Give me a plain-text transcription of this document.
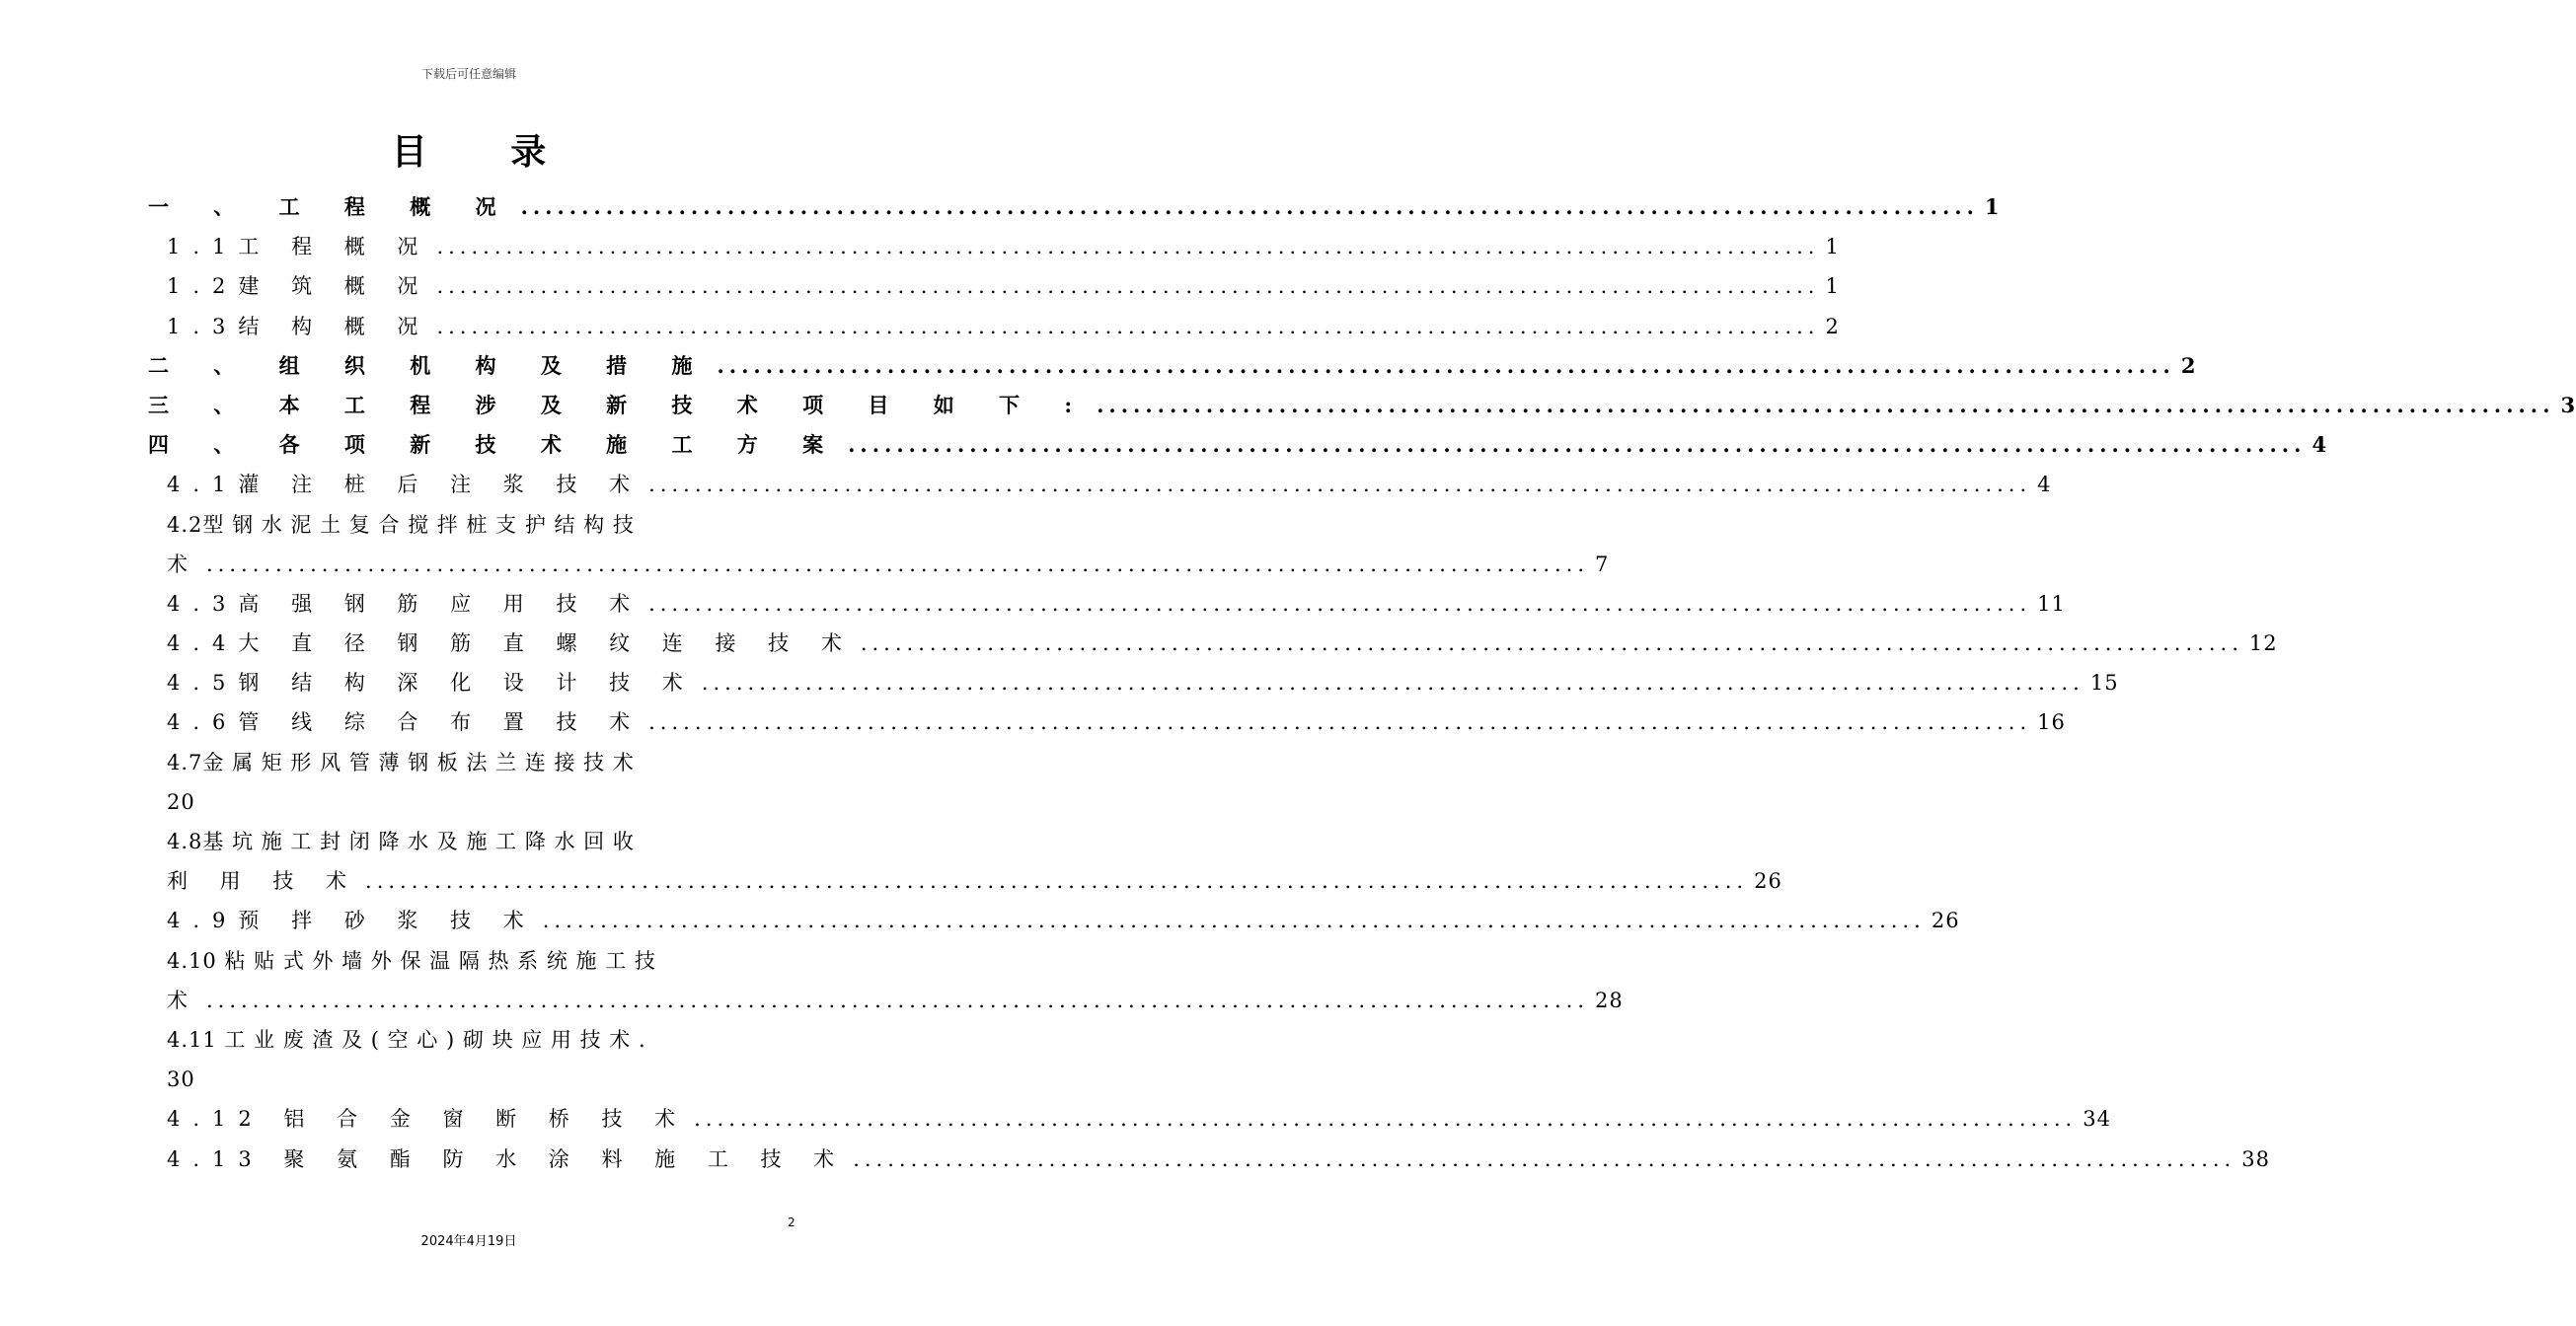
下载后可任意编辑
目 录
一 、 工 程 概 况 ........................................................................................................................ 1
1.1工 程 概 况 ........................................................................................................................ 1
1.2建 筑 概 况 ........................................................................................................................ 1
1.3结 构 概 况 ........................................................................................................................ 2
二 、 组 织 机 构 及 措 施 ........................................................................................................................ 2
三 、 本 工 程 涉 及 新 技 术 项 目 如 下 : ........................................................................................................................ 3
四 、 各 项 新 技 术 施 工 方 案 ........................................................................................................................ 4
4.1灌 注 桩 后 注 浆 技 术 ........................................................................................................................ 4
4.2型 钢 水 泥 土 复 合 搅 拌 桩 支 护 结 构 技
术 ........................................................................................................................ 7
4.3高 强 钢 筋 应 用 技 术 ........................................................................................................................ 11
4.4大 直 径 钢 筋 直 螺 纹 连 接 技 术 ........................................................................................................................ 12
4.5钢 结 构 深 化 设 计 技 术 ........................................................................................................................ 15
4.6管 线 综 合 布 置 技 术 ........................................................................................................................ 16
4.7金 属 矩 形 风 管 薄 钢 板 法 兰 连 接 技 术
20
4.8基 坑 施 工 封 闭 降 水 及 施 工 降 水 回 收
利 用 技 术 ........................................................................................................................ 26
4.9预 拌 砂 浆 技 术 ........................................................................................................................ 26
4.10 粘 贴 式 外 墙 外 保 温 隔 热 系 统 施 工 技
术 ........................................................................................................................ 28
4.11 工 业 废 渣 及 ( 空 心 ) 砌 块 应 用 技 术 .
30
4.12 铝 合 金 窗 断 桥 技 术 ........................................................................................................................ 34
4.13 聚 氨 酯 防 水 涂 料 施 工 技 术 ........................................................................................................................ 38
2
2024年4月19日
